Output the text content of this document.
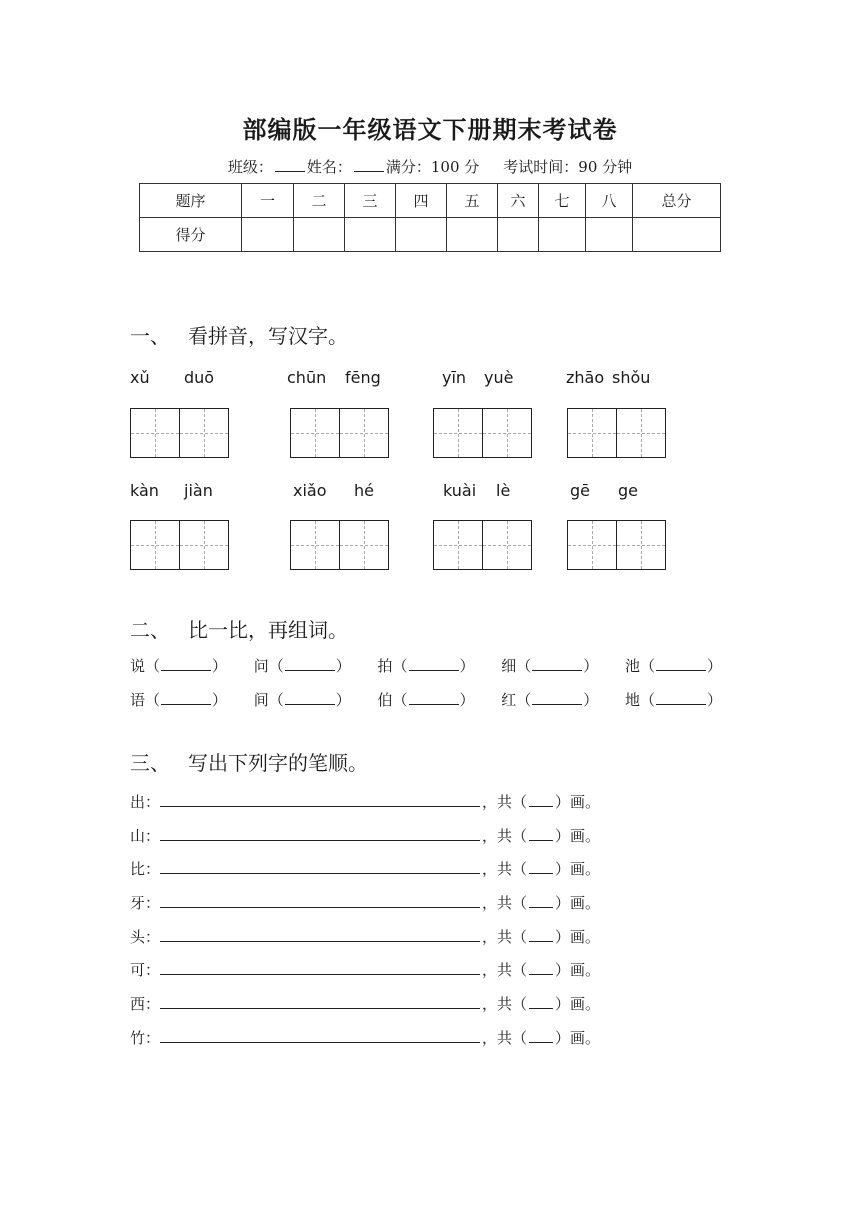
部编版一年级语文下册期末考试卷
班级： 姓名： 满分：100 分 考试时间：90 分钟
题序	一	二	三	四	五	六	七	八	总分
得分									
一、 看拼音，写汉字。
xǔ duō	chūn fēng	yīn yuè	zhāo shǒu
kàn jiàn	xiǎo hé	kuài lè	gē ge
二、 比一比，再组词。
说（	） 问（	） 拍（	） 细（	） 池（	）
语（	） 间（	） 伯（	） 红（	） 地（	）
三、 写出下列字的笔顺。
出：	，共（ ）画。
山：	，共（ ）画。
比：	，共（ ）画。
牙：	，共（ ）画。
头：	，共（ ）画。
可：	，共（ ）画。
西：	，共（ ）画。
竹：	，共（ ）画。
